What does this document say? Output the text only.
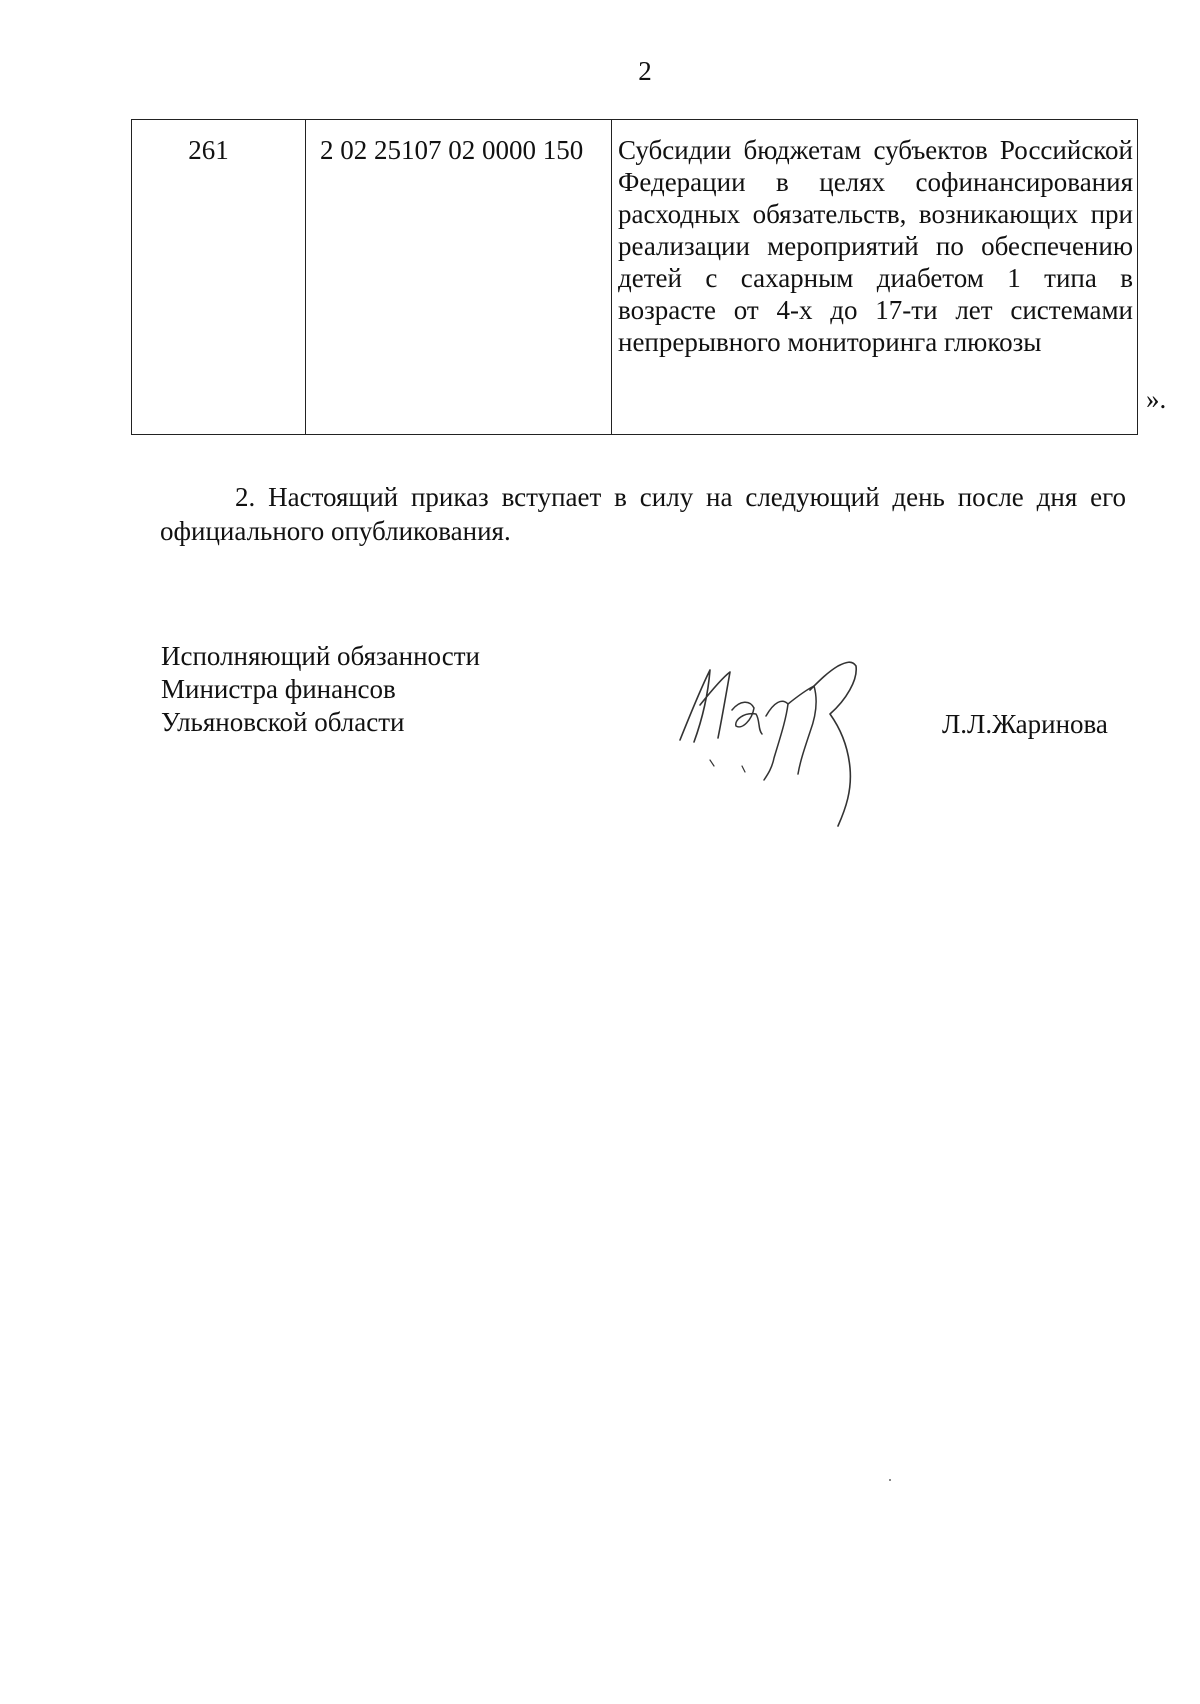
2
261	2 02 25107 02 0000 150	Субсидии бюджетам субъектов Российской Федерации в целях софинансирования расходных обязательств, возникающих при реализации мероприятий по обеспечению детей с сахарным диабетом 1 типа в возрасте от 4-х до 17-ти лет системами непрерывного мониторинга глюкозы
».

2. Настоящий приказ вступает в силу на следующий день после дня его официального опубликования.

Исполняющий обязанности
Министра финансов
Ульяновской области	Л.Л.Жаринова
